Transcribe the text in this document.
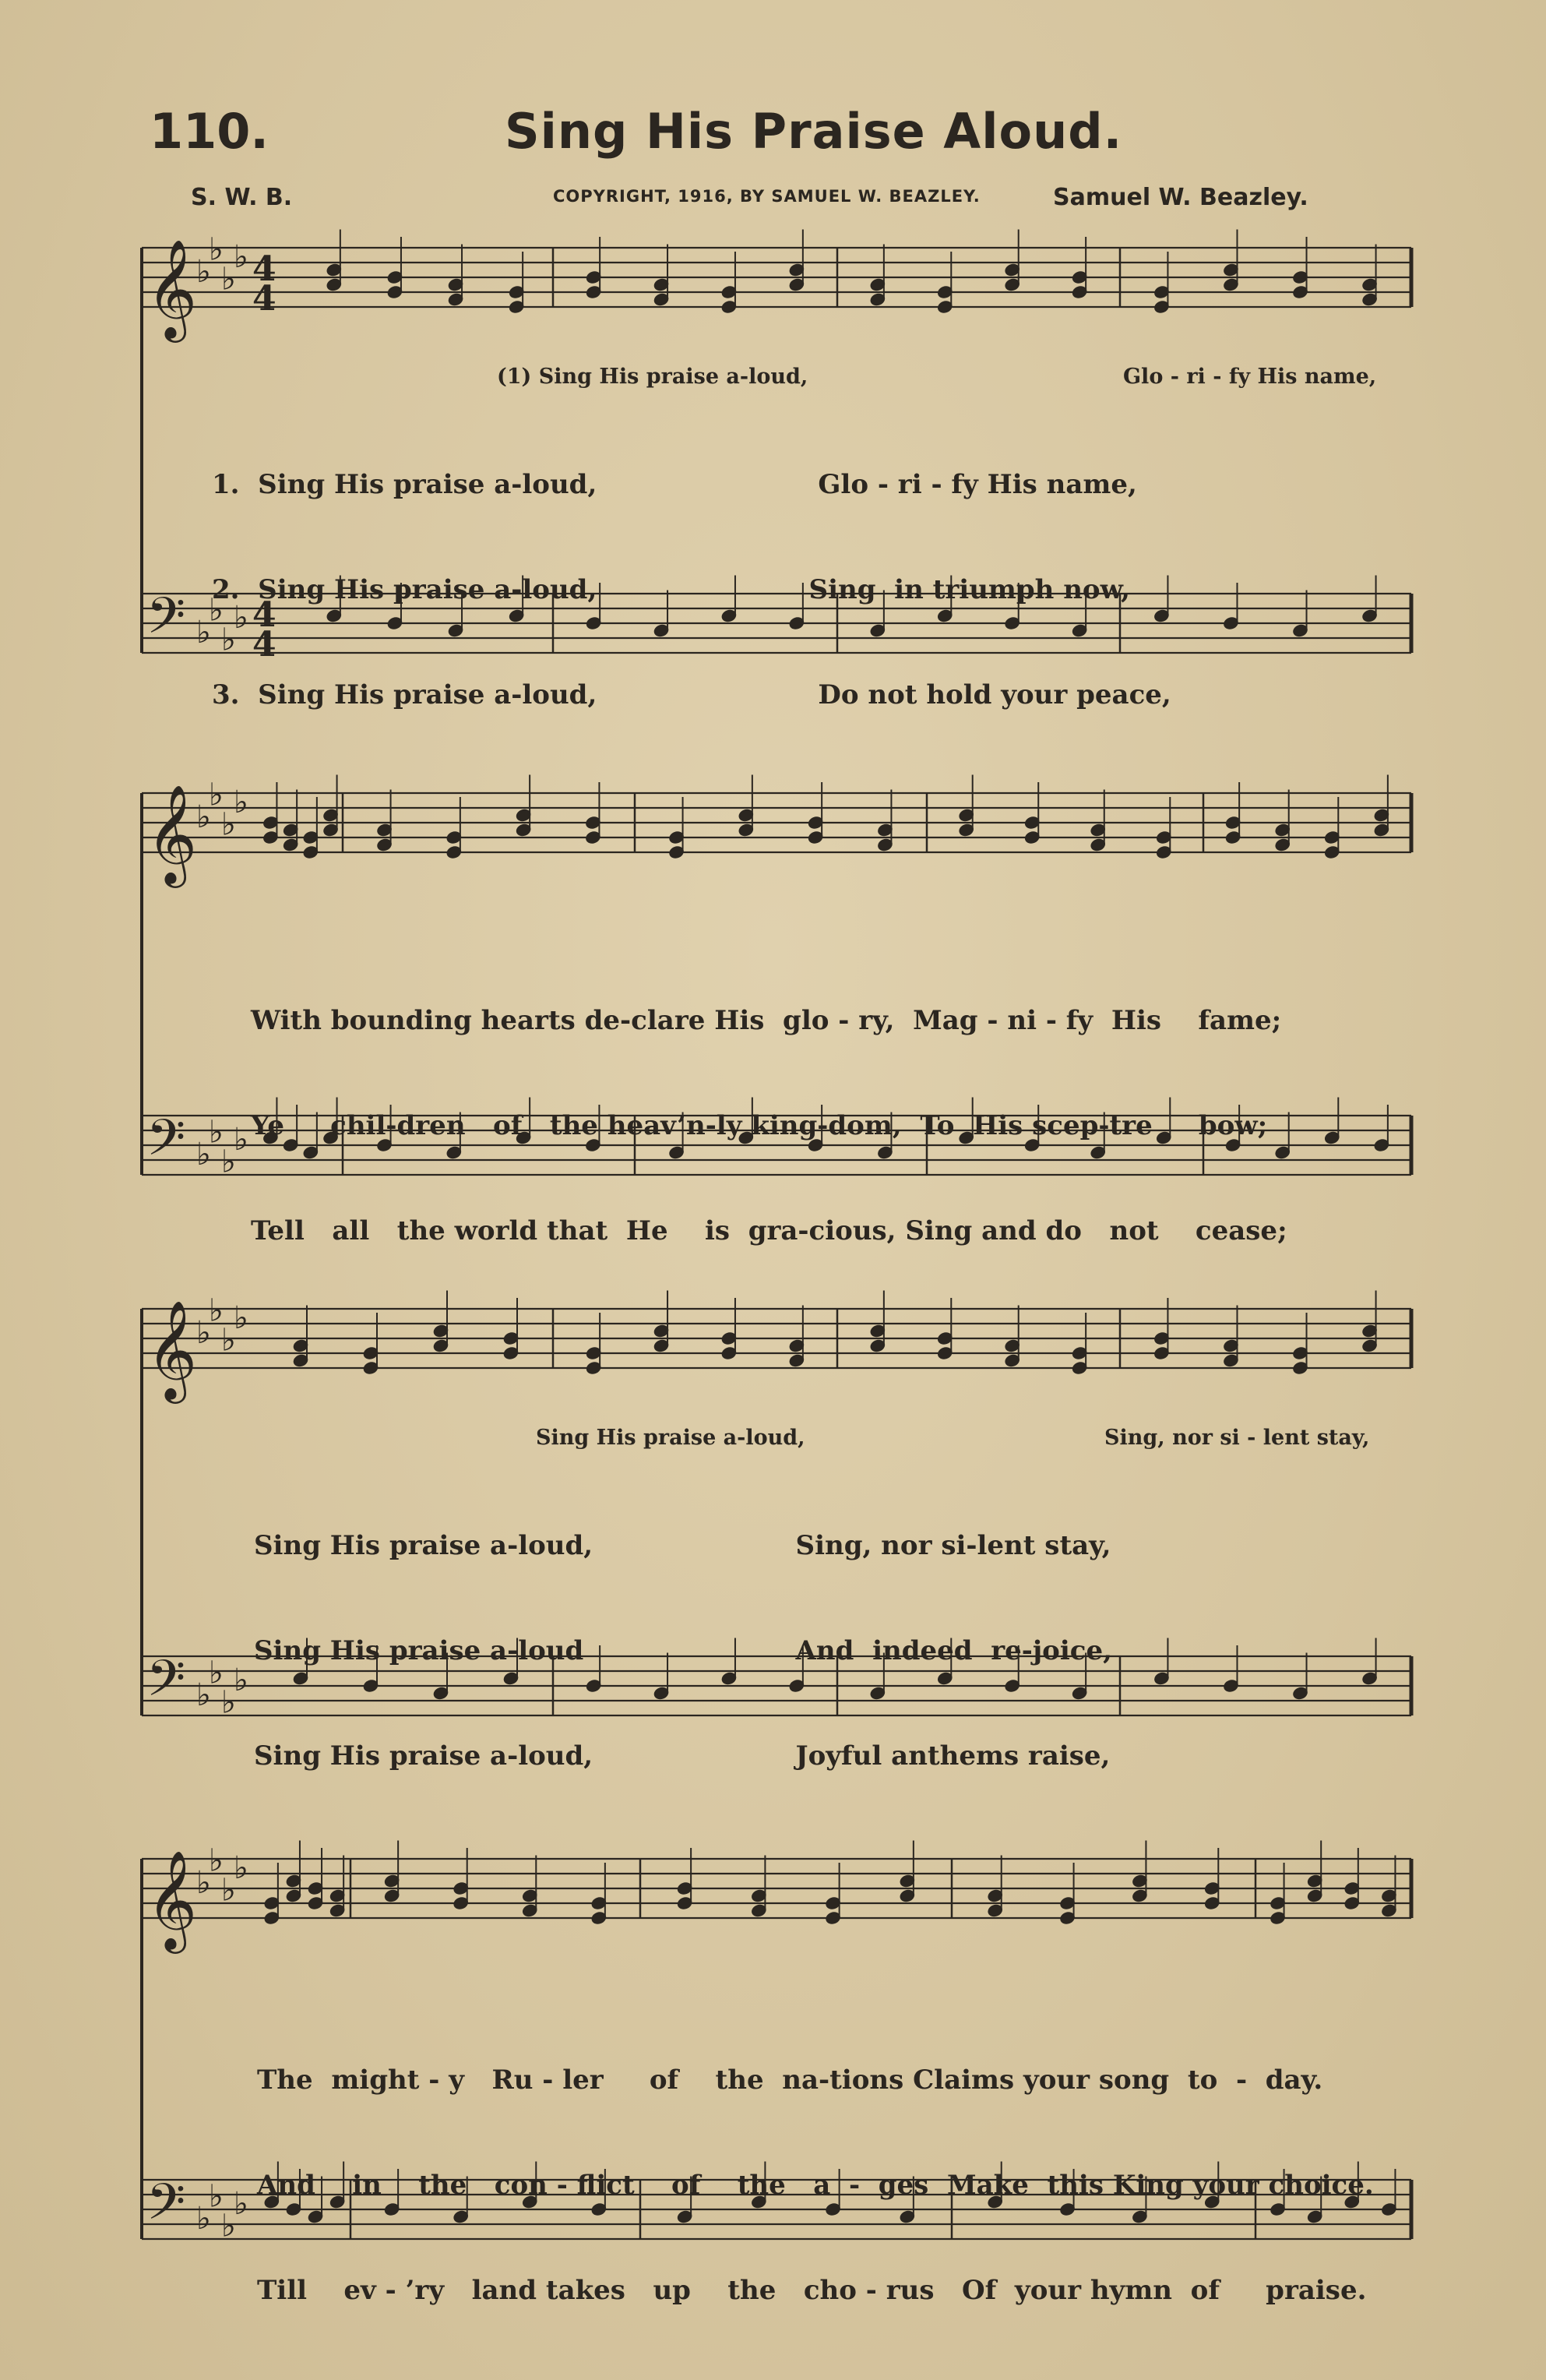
110.	Sing His Praise Aloud.
S. W. B.	COPYRIGHT, 1916, BY SAMUEL W. BEAZLEY.	Samuel W. Beazley.
𝄞
♭
♭
♭
♭ 4
4
𝄢 ♭
♭
♭
♭ 4
4
𝄞
♭
♭
♭
♭
𝄢 ♭
♭
♭
♭
𝄞
♭
♭
♭
♭
𝄢 ♭
♭
♭
♭
𝄞
♭
♭
♭
♭
𝄢 ♭
♭
♭
♭
(1) Sing His praise a-loud,	Glo - ri - fy His name,

1.  Sing His praise a-loud,                        Glo - ri - fy His name,

2.  Sing His praise a-loud,                       Sing  in triumph now,

3.  Sing His praise a-loud,                        Do not hold your peace,

With bounding hearts de-clare His  glo - ry,  Mag - ni - fy  His    fame;

Ye     chil-dren   of   the heav’n-ly king-dom,  To  His scep-tre     bow;

Tell   all   the world that  He    is  gra-cious, Sing and do   not    cease;

Sing His praise a-loud,	Sing, nor si - lent stay,

Sing His praise a-loud,                      Sing, nor si-lent stay,

Sing His praise a-loud                       And  indeed  re-joice,

Sing His praise a-loud,                      Joyful anthems raise,

The  might - y   Ru - ler     of    the  na-tions Claims your song  to  -  day.

And    in    the   con - flict    of    the   a  -  ges  Make  this King your choice.

Till    ev - ’ry   land takes   up    the   cho - rus   Of  your hymn  of     praise.
